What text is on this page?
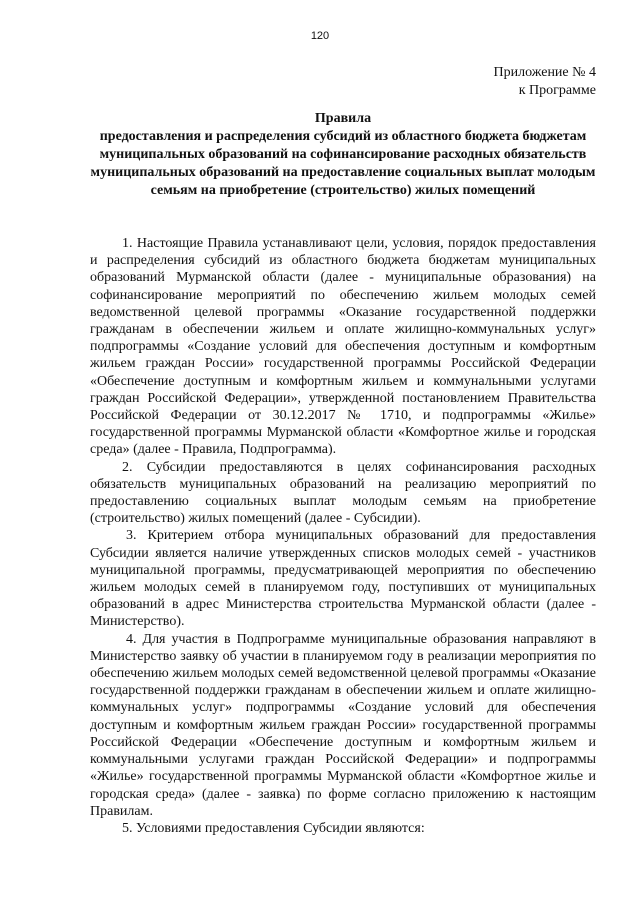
120
Приложение № 4
к Программе
Правила
предоставления и распределения субсидий из областного бюджета бюджетам муниципальных образований на софинансирование расходных обязательств муниципальных образований на предоставление социальных выплат молодым семьям на приобретение (строительство) жилых помещений

1. Настоящие Правила устанавливают цели, условия, порядок предоставления и распределения субсидий из областного бюджета бюджетам муниципальных образований Мурманской области (далее - муниципальные образования) на софинансирование мероприятий по обеспечению жильем молодых семей ведомственной целевой программы «Оказание государственной поддержки гражданам в обеспечении жильем и оплате жилищно-коммунальных услуг» подпрограммы «Создание условий для обеспечения доступным и комфортным жильем граждан России» государственной программы Российской Федерации «Обеспечение доступным и комфортным жильем и коммунальными услугами граждан Российской Федерации», утвержденной постановлением Правительства Российской Федерации от 30.12.2017 № 1710, и подпрограммы «Жилье» государственной программы Мурманской области «Комфортное жилье и городская среда» (далее - Правила, Подпрограмма).

2. Субсидии предоставляются в целях софинансирования расходных обязательств муниципальных образований на реализацию мероприятий по предоставлению социальных выплат молодым семьям на приобретение (строительство) жилых помещений (далее - Субсидии).

3. Критерием отбора муниципальных образований для предоставления Субсидии является наличие утвержденных списков молодых семей - участников муниципальной программы, предусматривающей мероприятия по обеспечению жильем молодых семей в планируемом году, поступивших от муниципальных образований в адрес Министерства строительства Мурманской области (далее - Министерство).

4. Для участия в Подпрограмме муниципальные образования направляют в Министерство заявку об участии в планируемом году в реализации мероприятия по обеспечению жильем молодых семей ведомственной целевой программы «Оказание государственной поддержки гражданам в обеспечении жильем и оплате жилищно-коммунальных услуг» подпрограммы «Создание условий для обеспечения доступным и комфортным жильем граждан России» государственной программы Российской Федерации «Обеспечение доступным и комфортным жильем и коммунальными услугами граждан Российской Федерации» и подпрограммы «Жилье» государственной программы Мурманской области «Комфортное жилье и городская среда» (далее - заявка) по форме согласно приложению к настоящим Правилам.

5. Условиями предоставления Субсидии являются:
